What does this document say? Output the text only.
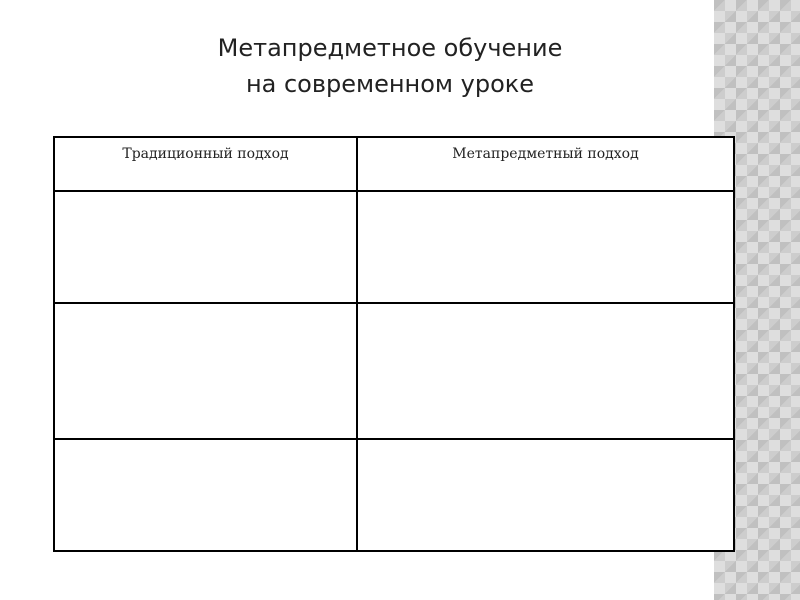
Метапредметное обучение
на современном уроке
Традиционный подход	Метапредметный подход
